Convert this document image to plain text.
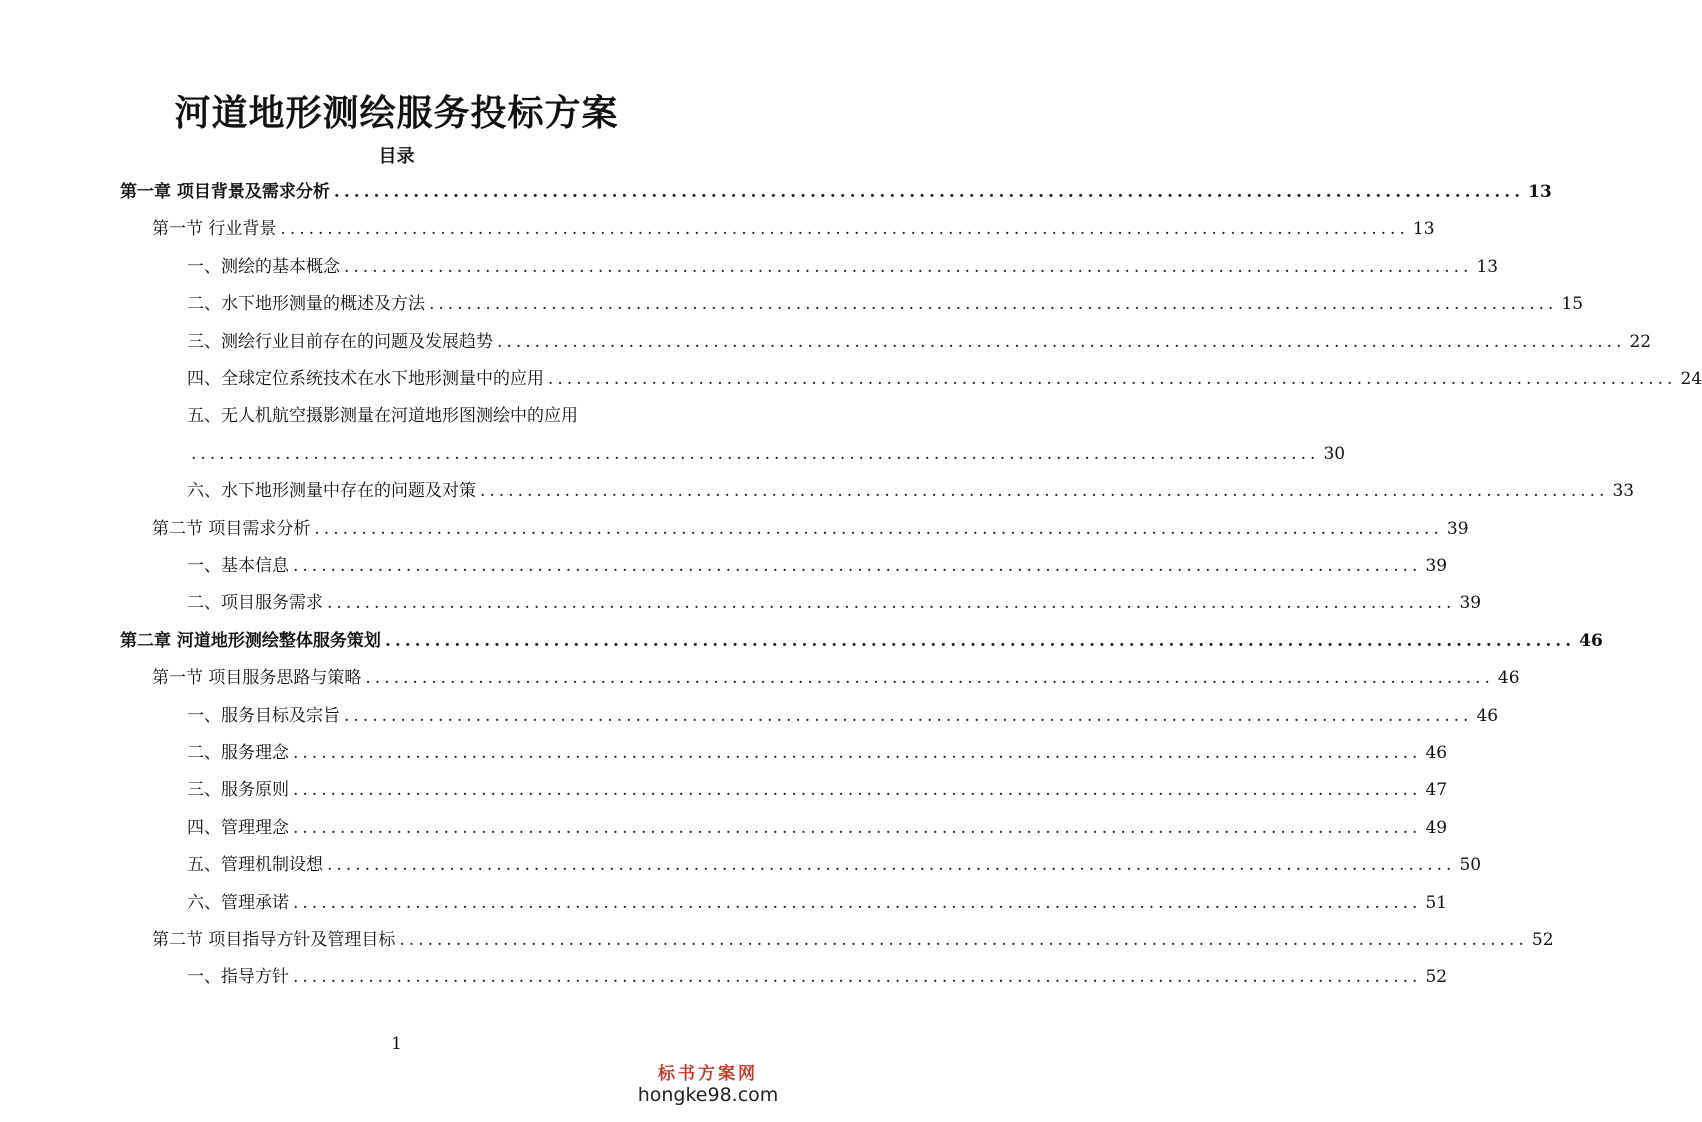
河道地形测绘服务投标方案
目录
第一章 项目背景及需求分析 ........................................................................................................................ 13
第一节 行业背景 ........................................................................................................................ 13
一、测绘的基本概念 ........................................................................................................................ 13
二、水下地形测量的概述及方法 ........................................................................................................................ 15
三、测绘行业目前存在的问题及发展趋势 ........................................................................................................................ 22
四、全球定位系统技术在水下地形测量中的应用 ........................................................................................................................ 24
五、无人机航空摄影测量在河道地形图测绘中的应用
........................................................................................................................ 30
六、水下地形测量中存在的问题及对策 ........................................................................................................................ 33
第二节 项目需求分析 ........................................................................................................................ 39
一、基本信息 ........................................................................................................................ 39
二、项目服务需求 ........................................................................................................................ 39
第二章 河道地形测绘整体服务策划 ........................................................................................................................ 46
第一节 项目服务思路与策略 ........................................................................................................................ 46
一、服务目标及宗旨 ........................................................................................................................ 46
二、服务理念 ........................................................................................................................ 46
三、服务原则 ........................................................................................................................ 47
四、管理理念 ........................................................................................................................ 49
五、管理机制设想 ........................................................................................................................ 50
六、管理承诺 ........................................................................................................................ 51
第二节 项目指导方针及管理目标 ........................................................................................................................ 52
一、指导方针 ........................................................................................................................ 52
1
标书方案网
hongke98.com
